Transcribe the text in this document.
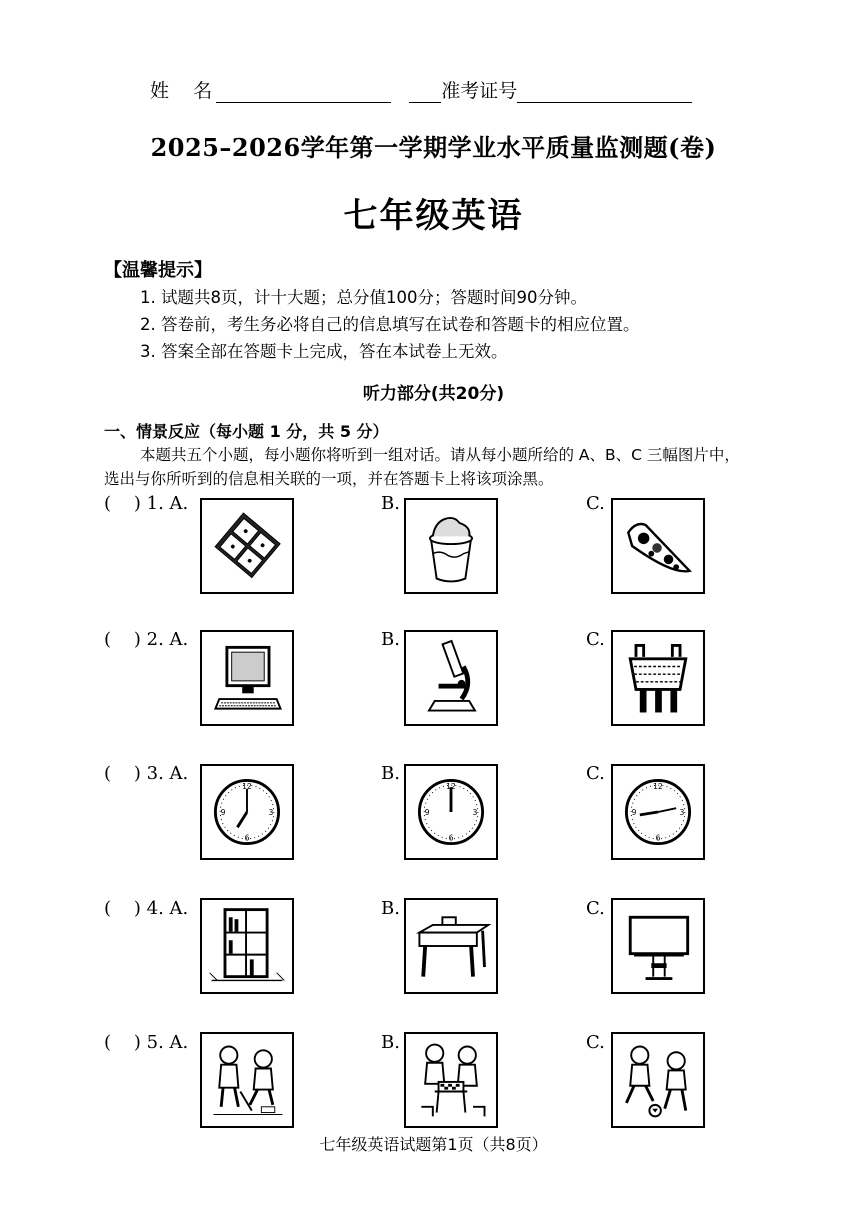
姓    名	准考证号
2025–2026学年第一学期学业水平质量监测题(卷)
七年级英语
【温馨提示】
1. 试题共8页，计十大题；总分值100分；答题时间90分钟。
2. 答卷前，考生务必将自己的信息填写在试卷和答题卡的相应位置。
3. 答案全部在答题卡上完成，答在本试卷上无效。
听力部分(共20分)
一、情景反应（每小题 1 分，共 5 分）
本题共五个小题，每小题你将听到一组对话。请从每小题所给的 A、B、C 三幅图片中，
选出与你所听到的信息相关联的一项，并在答题卡上将该项涂黑。
(    ) 1. A.	B.	C.
(    ) 2. A.	B.	C.
(    ) 3. A.
12
3
6
9
B.
12
3
6
9
C.
12
3
6
9
(    ) 4. A.	B.	C.
(    ) 5. A.	B.	C.
七年级英语试题第1页（共8页）
